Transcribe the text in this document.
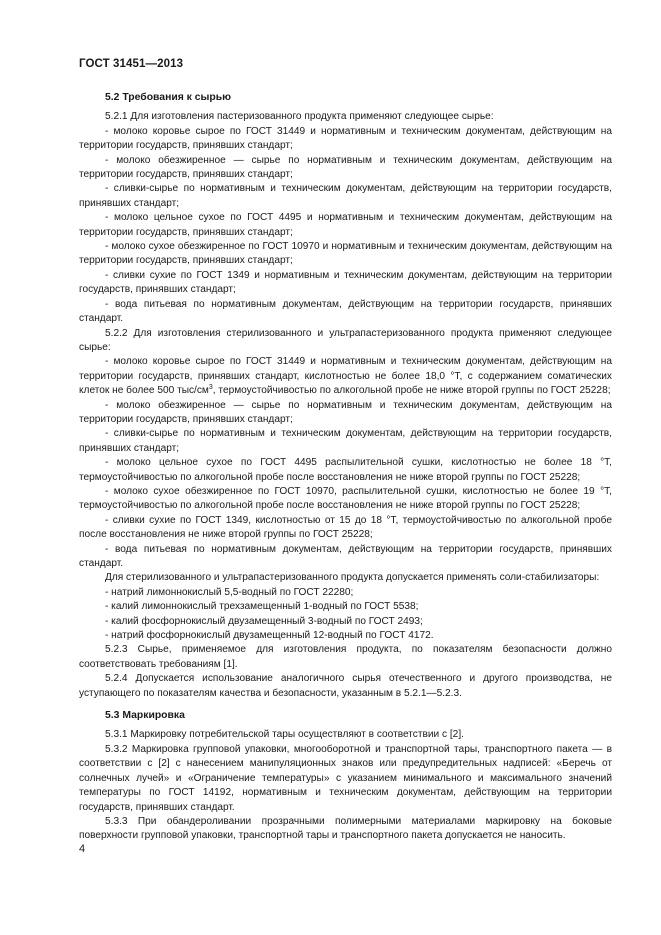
ГОСТ 31451—2013
5.2 Требования к сырью

5.2.1 Для изготовления пастеризованного продукта применяют следующее сырье:

- молоко коровье сырое по ГОСТ 31449 и нормативным и техническим документам, действующим на территории государств, принявших стандарт;

- молоко обезжиренное — сырье по нормативным и техническим документам, действующим на территории государств, принявших стандарт;

- сливки-сырье по нормативным и техническим документам, действующим на территории государств, принявших стандарт;

- молоко цельное сухое по ГОСТ 4495 и нормативным и техническим документам, действующим на территории государств, принявших стандарт;

- молоко сухое обезжиренное по ГОСТ 10970 и нормативным и техническим документам, действующим на территории государств, принявших стандарт;

- сливки сухие по ГОСТ 1349 и нормативным и техническим документам, действующим на территории государств, принявших стандарт;

- вода питьевая по нормативным документам, действующим на территории государств, принявших стандарт.

5.2.2 Для изготовления стерилизованного и ультрапастеризованного продукта применяют следующее сырье:

- молоко коровье сырое по ГОСТ 31449 и нормативным и техническим документам, действующим на территории государств, принявших стандарт, кислотностью не более 18,0 °Т, с содержанием соматических клеток не более 500 тыс/$см^3$, термоустойчивостью по алкогольной пробе не ниже второй группы по ГОСТ 25228;

- молоко обезжиренное — сырье по нормативным и техническим документам, действующим на территории государств, принявших стандарт;

- сливки-сырье по нормативным и техническим документам, действующим на территории государств, принявших стандарт;

- молоко цельное сухое по ГОСТ 4495 распылительной сушки, кислотностью не более 18 °Т, термоустойчивостью по алкогольной пробе после восстановления не ниже второй группы по ГОСТ 25228;

- молоко сухое обезжиренное по ГОСТ 10970, распылительной сушки, кислотностью не более 19 °Т, термоустойчивостью по алкогольной пробе после восстановления не ниже второй группы по ГОСТ 25228;

- сливки сухие по ГОСТ 1349, кислотностью от 15 до 18 °Т, термоустойчивостью по алкогольной пробе после восстановления не ниже второй группы по ГОСТ 25228;

- вода питьевая по нормативным документам, действующим на территории государств, принявших стандарт.

Для стерилизованного и ультрапастеризованного продукта допускается применять соли-стабилизаторы:

- натрий лимоннокислый 5,5-водный по ГОСТ 22280;

- калий лимоннокислый трехзамещенный 1-водный по ГОСТ 5538;

- калий фосфорнокислый двузамещенный 3-водный по ГОСТ 2493;

- натрий фосфорнокислый двузамещенный 12-водный по ГОСТ 4172.

5.2.3 Сырье, применяемое для изготовления продукта, по показателям безопасности должно соответствовать требованиям [1].

5.2.4 Допускается использование аналогичного сырья отечественного и другого производства, не уступающего по показателям качества и безопасности, указанным в 5.2.1—5.2.3.

5.3 Маркировка

5.3.1 Маркировку потребительской тары осуществляют в соответствии с [2].

5.3.2 Маркировка групповой упаковки, многооборотной и транспортной тары, транспортного пакета — в соответствии с [2] с нанесением манипуляционных знаков или предупредительных надписей: «Беречь от солнечных лучей» и «Ограничение температуры» с указанием минимального и максимального значений температуры по ГОСТ 14192, нормативным и техническим документам, действующим на территории государств, принявших стандарт.

5.3.3 При обандероливании прозрачными полимерными материалами маркировку на боковые поверхности групповой упаковки, транспортной тары и транспортного пакета допускается не наносить.

4
